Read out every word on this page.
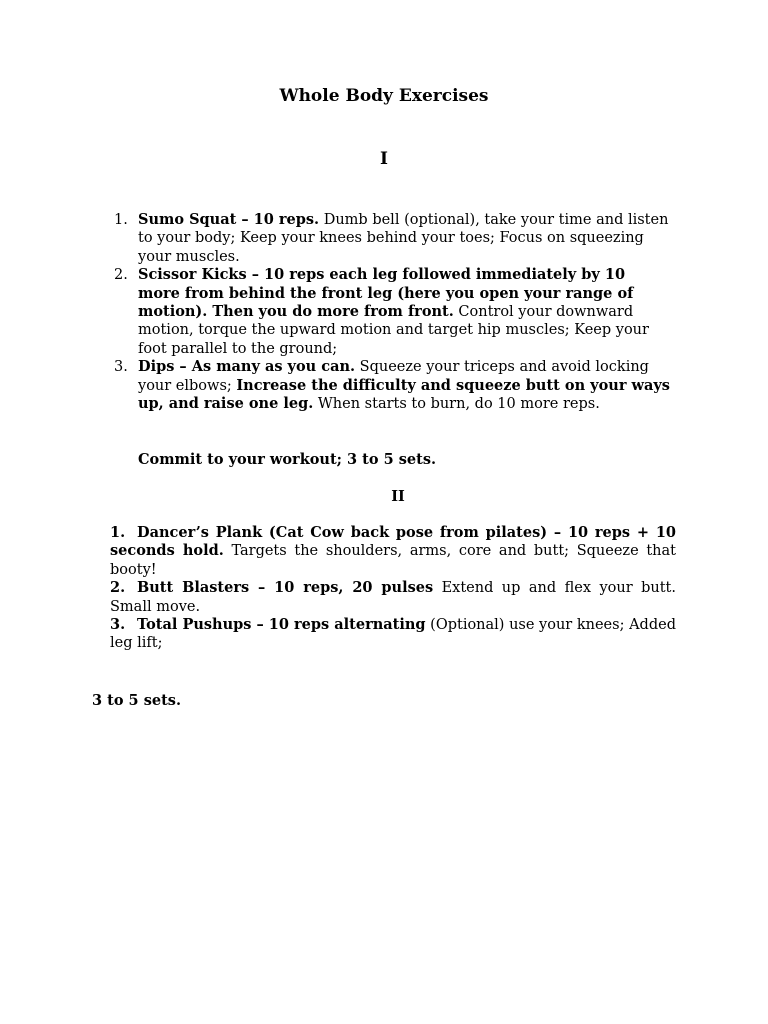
Whole Body Exercises
I
1. Sumo Squat – 10 reps. Dumb bell (optional), take your time and listen to your body; Keep your knees behind your toes; Focus on squeezing your muscles.
2. Scissor Kicks – 10 reps each leg followed immediately by 10 more from behind the front leg (here you open your range of motion). Then you do more from front. Control your downward motion, torque the upward motion and target hip muscles; Keep your foot parallel to the ground;
3. Dips – As many as you can. Squeeze your triceps and avoid locking your elbows; Increase the difficulty and squeeze butt on your ways up, and raise one leg. When starts to burn, do 10 more reps.
Commit to your workout; 3 to 5 sets.
II
1. Dancer’s Plank (Cat Cow back pose from pilates) – 10 reps + 10 seconds hold. Targets the shoulders, arms, core and butt; Squeeze that booty!
2. Butt Blasters – 10 reps, 20 pulses Extend up and flex your butt. Small move.
3. Total Pushups – 10 reps alternating (Optional) use your knees; Added leg lift;
3 to 5 sets.
